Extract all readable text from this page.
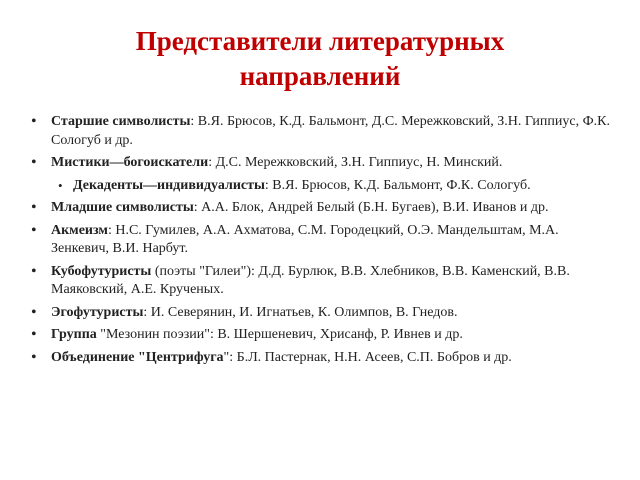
Представители литературных
направлений
• Старшие символисты: В.Я. Брюсов, К.Д. Бальмонт, Д.С. Мережковский, З.Н. Гиппиус, Ф.К. Сологуб и др.
• Мистики—богоискатели: Д.С. Мережковский, З.Н. Гиппиус, Н. Минский.
• Декаденты—индивидуалисты: В.Я. Брюсов, К.Д. Бальмонт, Ф.К. Сологуб.
• Младшие символисты: А.А. Блок, Андрей Белый (Б.Н. Бугаев), В.И. Иванов и др.
• Акмеизм: Н.С. Гумилев, А.А. Ахматова, С.М. Городецкий, О.Э. Мандельштам, М.А. Зенкевич, В.И. Нарбут.
• Кубофутуристы (поэты "Гилеи"): Д.Д. Бурлюк, В.В. Хлебников, В.В. Каменский, В.В. Маяковский, А.Е. Крученых.
• Эгофутуристы: И. Северянин, И. Игнатьев, К. Олимпов, В. Гнедов.
• Группа "Мезонин поэзии": В. Шершеневич, Хрисанф, Р. Ивнев и др.
• Объединение "Центрифуга": Б.Л. Пастернак, Н.Н. Асеев, С.П. Бобров и др.
